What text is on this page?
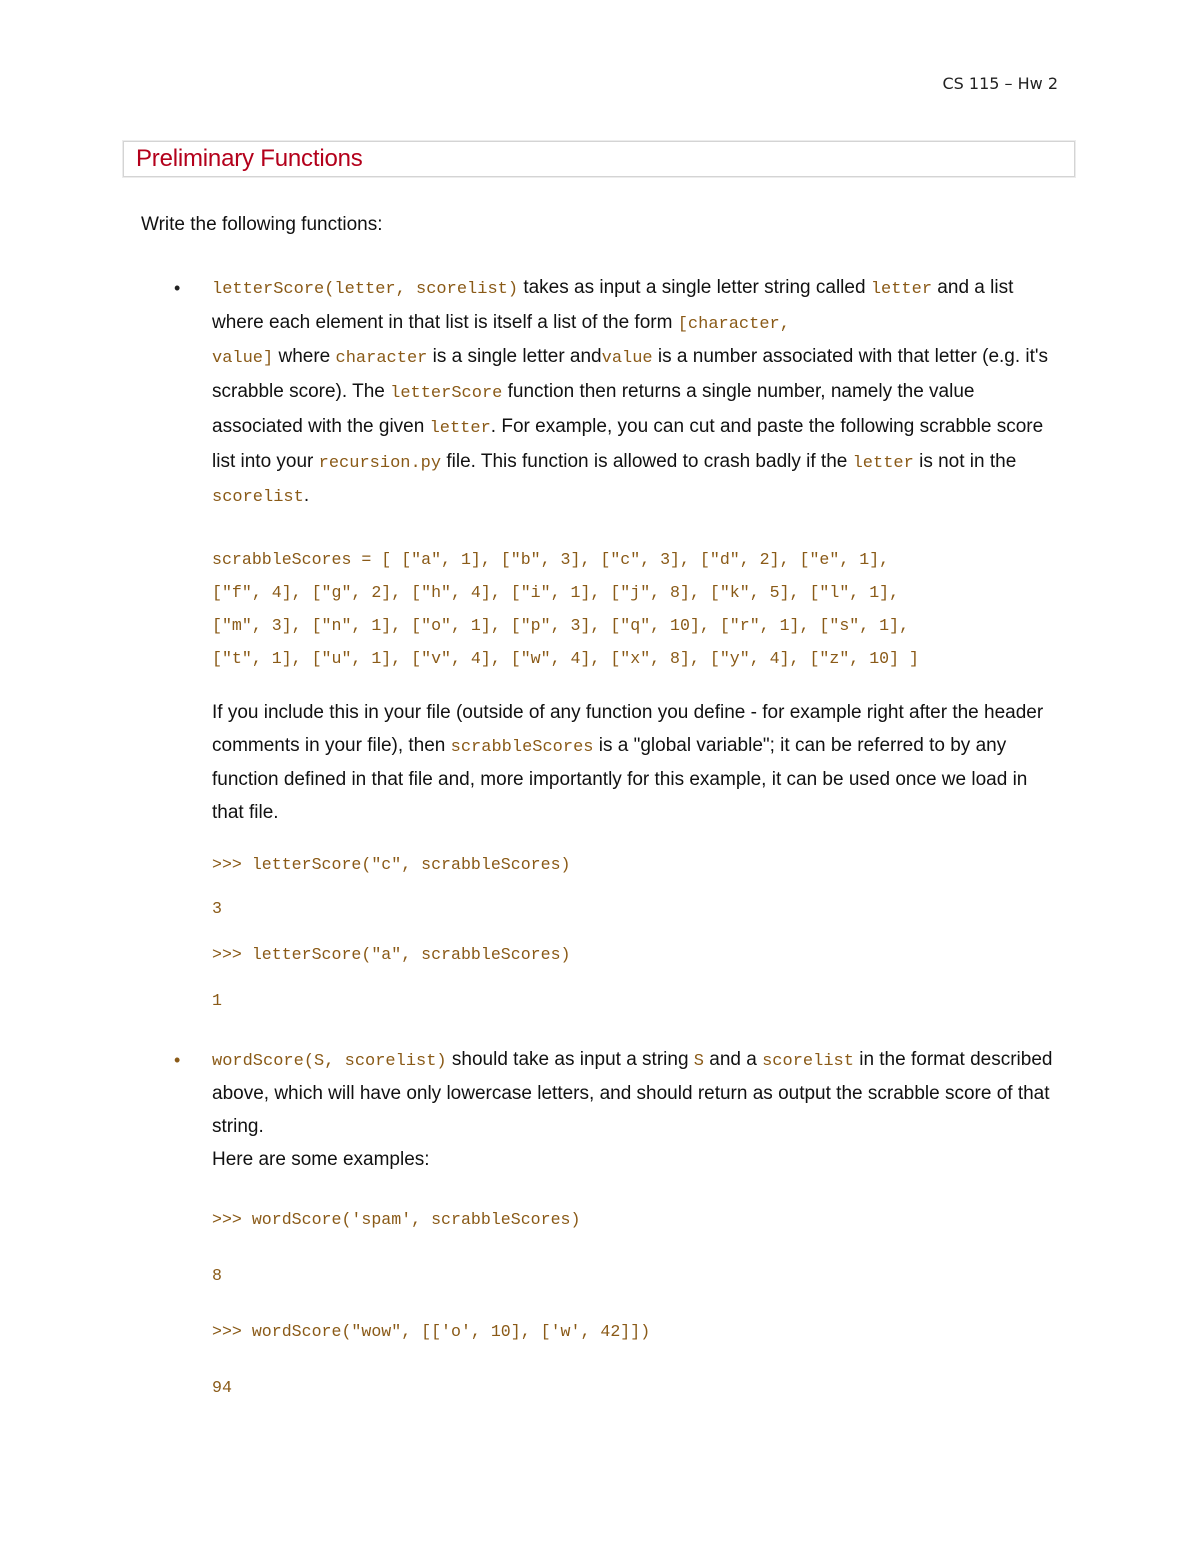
CS 115 – Hw 2
Preliminary Functions
Write the following functions:
• letterScore(letter, scorelist) takes as input a single letter string called letter and a list where each element in that list is itself a list of the form [character,
value] where character is a single letter andvalue is a number associated with that letter (e.g. it's scrabble score). The letterScore function then returns a single number, namely the value associated with the given letter. For example, you can cut and paste the following scrabble score list into your recursion.py file. This function is allowed to crash badly if the letter is not in the scorelist.

scrabbleScores = [ ["a", 1], ["b", 3], ["c", 3], ["d", 2], ["e", 1],
["f", 4], ["g", 2], ["h", 4], ["i", 1], ["j", 8], ["k", 5], ["l", 1],
["m", 3], ["n", 1], ["o", 1], ["p", 3], ["q", 10], ["r", 1], ["s", 1],
["t", 1], ["u", 1], ["v", 4], ["w", 4], ["x", 8], ["y", 4], ["z", 10] ]

If you include this in your file (outside of any function you define - for example right after the header comments in your file), then scrabbleScores is a "global variable"; it can be referred to by any function defined in that file and, more importantly for this example, it can be used once we load in that file.

>>> letterScore("c", scrabbleScores)

3

>>> letterScore("a", scrabbleScores)

1

• wordScore(S, scorelist) should take as input a string S and a scorelist in the format described above, which will have only lowercase letters, and should return as output the scrabble score of that string.
Here are some examples:

>>> wordScore('spam', scrabbleScores)

8

>>> wordScore("wow", [['o', 10], ['w', 42]])

94
